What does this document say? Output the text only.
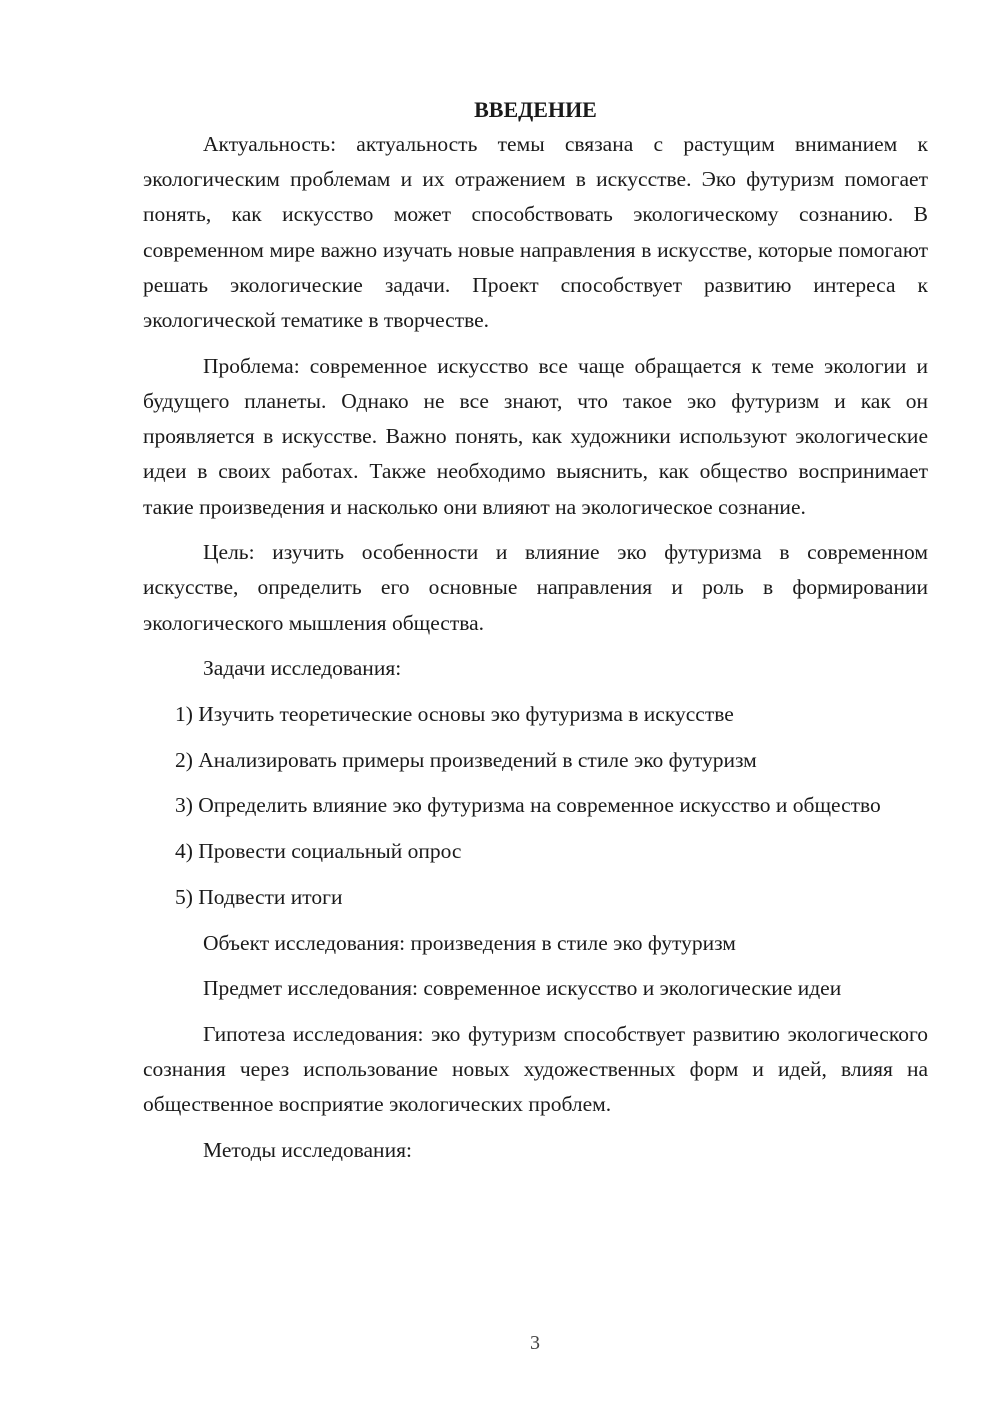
ВВЕДЕНИЕ

Актуальность: актуальность темы связана с растущим вниманием к экологическим проблемам и их отражением в искусстве. Эко футуризм помогает понять, как искусство может способствовать экологическому сознанию. В современном мире важно изучать новые направления в искусстве, которые помогают решать экологические задачи. Проект способствует развитию интереса к экологической тематике в творчестве.

Проблема: современное искусство все чаще обращается к теме экологии и будущего планеты. Однако не все знают, что такое эко футуризм и как он проявляется в искусстве. Важно понять, как художники используют экологические идеи в своих работах. Также необходимо выяснить, как общество воспринимает такие произведения и насколько они влияют на экологическое сознание.

Цель: изучить особенности и влияние эко футуризма в современном искусстве, определить его основные направления и роль в формировании экологического мышления общества.

Задачи исследования:

1) Изучить теоретические основы эко футуризма в искусстве

2) Анализировать примеры произведений в стиле эко футуризм

3) Определить влияние эко футуризма на современное искусство и общество

4) Провести социальный опрос

5) Подвести итоги

Объект исследования: произведения в стиле эко футуризм

Предмет исследования: современное искусство и экологические идеи

Гипотеза исследования: эко футуризм способствует развитию экологического сознания через использование новых художественных форм и идей, влияя на общественное восприятие экологических проблем.

Методы исследования:

3
